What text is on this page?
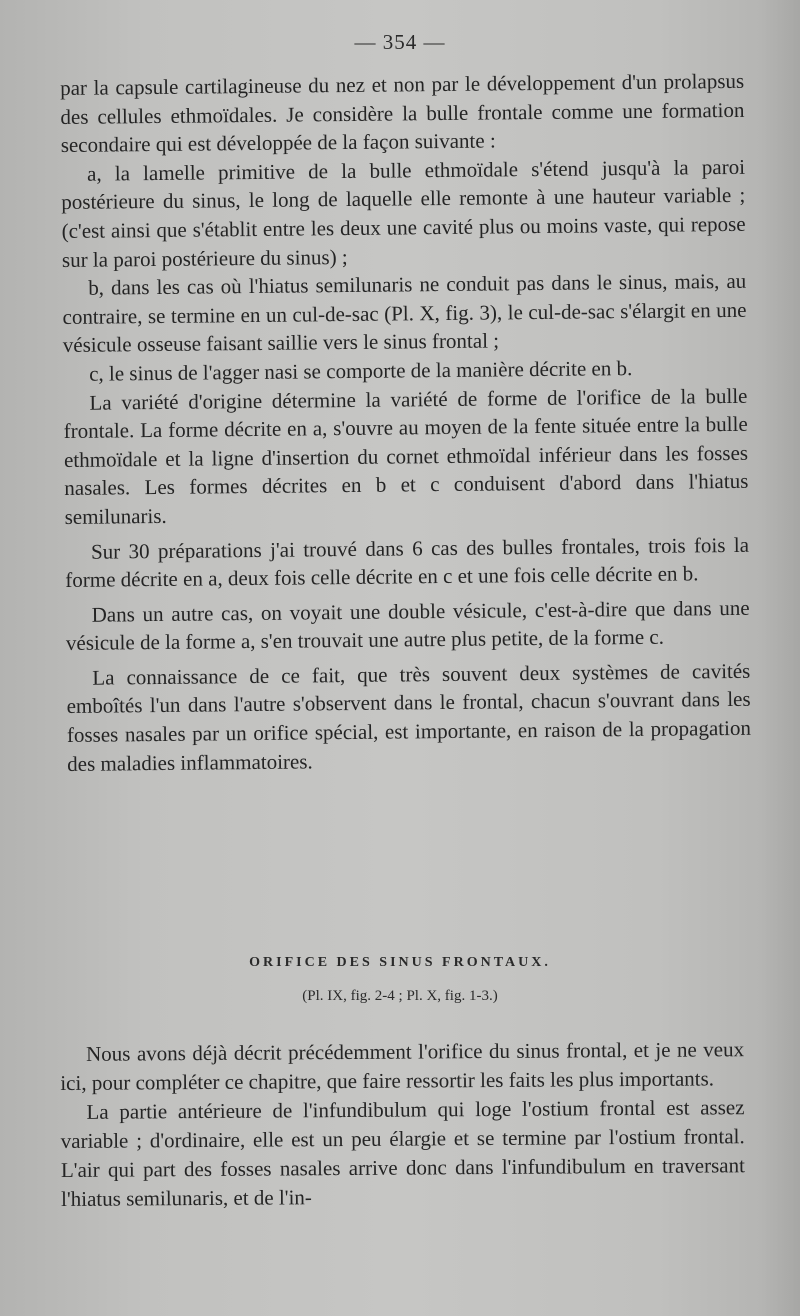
— 354 —

par la capsule cartilagineuse du nez et non par le développement d'un prolapsus des cellules ethmoïdales. Je considère la bulle frontale comme une formation secondaire qui est développée de la façon suivante :

a, la lamelle primitive de la bulle ethmoïdale s'étend jusqu'à la paroi postérieure du sinus, le long de laquelle elle remonte à une hauteur variable ; (c'est ainsi que s'établit entre les deux une cavité plus ou moins vaste, qui repose sur la paroi postérieure du sinus) ;

b, dans les cas où l'hiatus semilunaris ne conduit pas dans le sinus, mais, au contraire, se termine en un cul-de-sac (Pl. X, fig. 3), le cul-de-sac s'élargit en une vésicule osseuse faisant saillie vers le sinus frontal ;

c, le sinus de l'agger nasi se comporte de la manière décrite en b.

La variété d'origine détermine la variété de forme de l'orifice de la bulle frontale. La forme décrite en a, s'ouvre au moyen de la fente située entre la bulle ethmoïdale et la ligne d'insertion du cornet ethmoïdal inférieur dans les fosses nasales. Les formes décrites en b et c conduisent d'abord dans l'hiatus semilunaris.

Sur 30 préparations j'ai trouvé dans 6 cas des bulles frontales, trois fois la forme décrite en a, deux fois celle décrite en c et une fois celle décrite en b.

Dans un autre cas, on voyait une double vésicule, c'est-à-dire que dans une vésicule de la forme a, s'en trouvait une autre plus petite, de la forme c.

La connaissance de ce fait, que très souvent deux systèmes de cavités emboîtés l'un dans l'autre s'observent dans le frontal, chacun s'ouvrant dans les fosses nasales par un orifice spécial, est importante, en raison de la propagation des maladies inflammatoires.

ORIFICE DES SINUS FRONTAUX.
(Pl. IX, fig. 2-4 ; Pl. X, fig. 1-3.)

Nous avons déjà décrit précédemment l'orifice du sinus frontal, et je ne veux ici, pour compléter ce chapitre, que faire ressortir les faits les plus importants.

La partie antérieure de l'infundibulum qui loge l'ostium frontal est assez variable ; d'ordinaire, elle est un peu élargie et se termine par l'ostium frontal. L'air qui part des fosses nasales arrive donc dans l'infundibulum en traversant l'hiatus semilunaris, et de l'in-
